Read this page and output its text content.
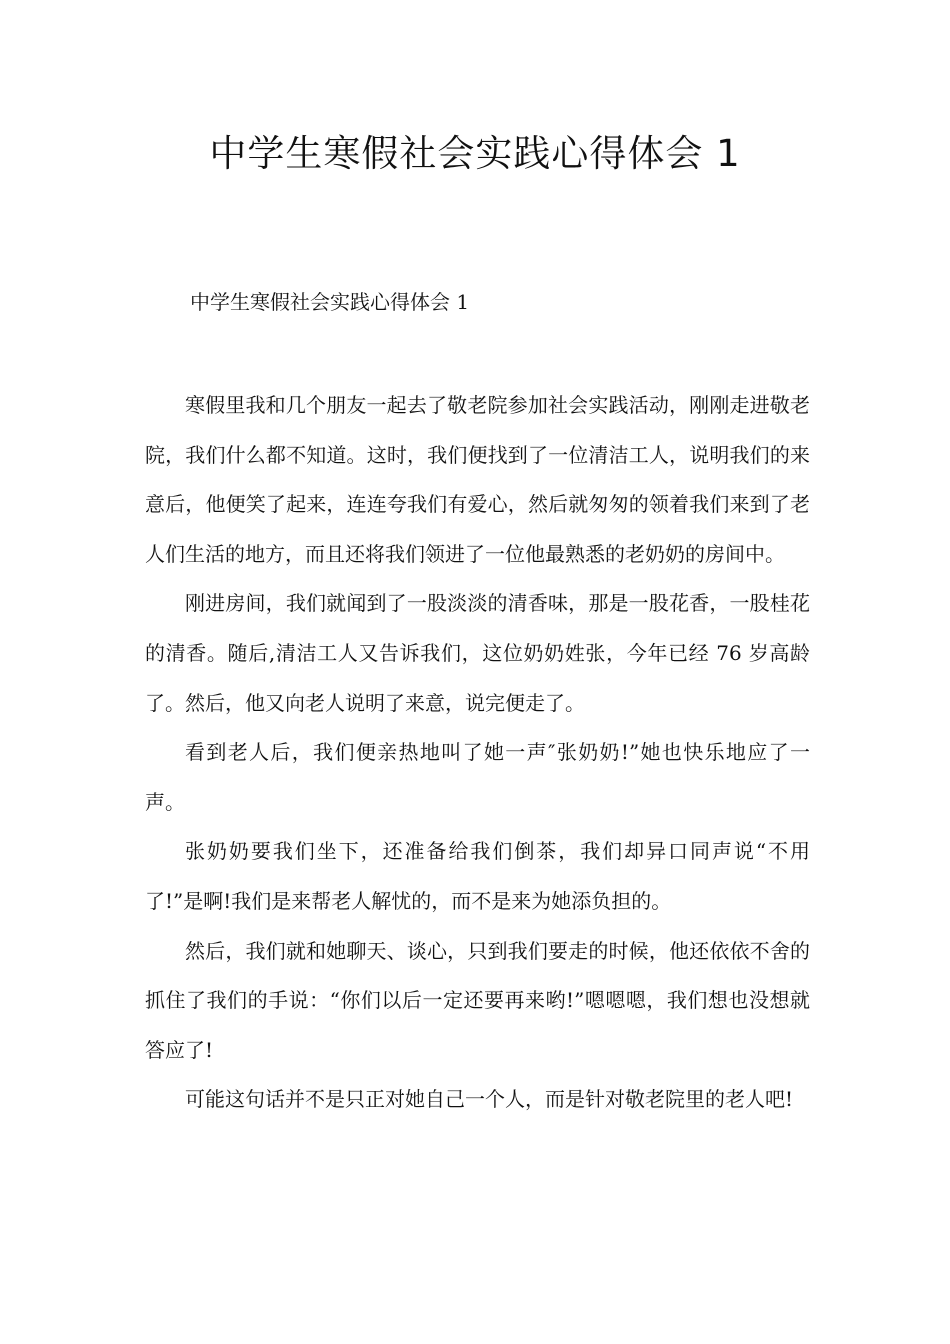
中学生寒假社会实践心得体会 1

中学生寒假社会实践心得体会 1

寒假里我和几个朋友一起去了敬老院参加社会实践活动，刚刚走进敬老院，我们什么都不知道。这时，我们便找到了一位清洁工人，说明我们的来意后，他便笑了起来，连连夸我们有爱心，然后就匆匆的领着我们来到了老人们生活的地方，而且还将我们领进了一位他最熟悉的老奶奶的房间中。

刚进房间，我们就闻到了一股淡淡的清香味，那是一股花香，一股桂花的清香。随后,清洁工人又告诉我们，这位奶奶姓张，今年已经 76 岁高龄了。然后，他又向老人说明了来意，说完便走了。

看到老人后，我们便亲热地叫了她一声″张奶奶!”她也快乐地应了一声。

张奶奶要我们坐下，还准备给我们倒茶，我们却异口同声说“不用了!”是啊!我们是来帮老人解忧的，而不是来为她添负担的。

然后，我们就和她聊天、谈心，只到我们要走的时候，他还依依不舍的抓住了我们的手说：“你们以后一定还要再来哟!”嗯嗯嗯，我们想也没想就答应了!

可能这句话并不是只正对她自己一个人，而是针对敬老院里的老人吧!
